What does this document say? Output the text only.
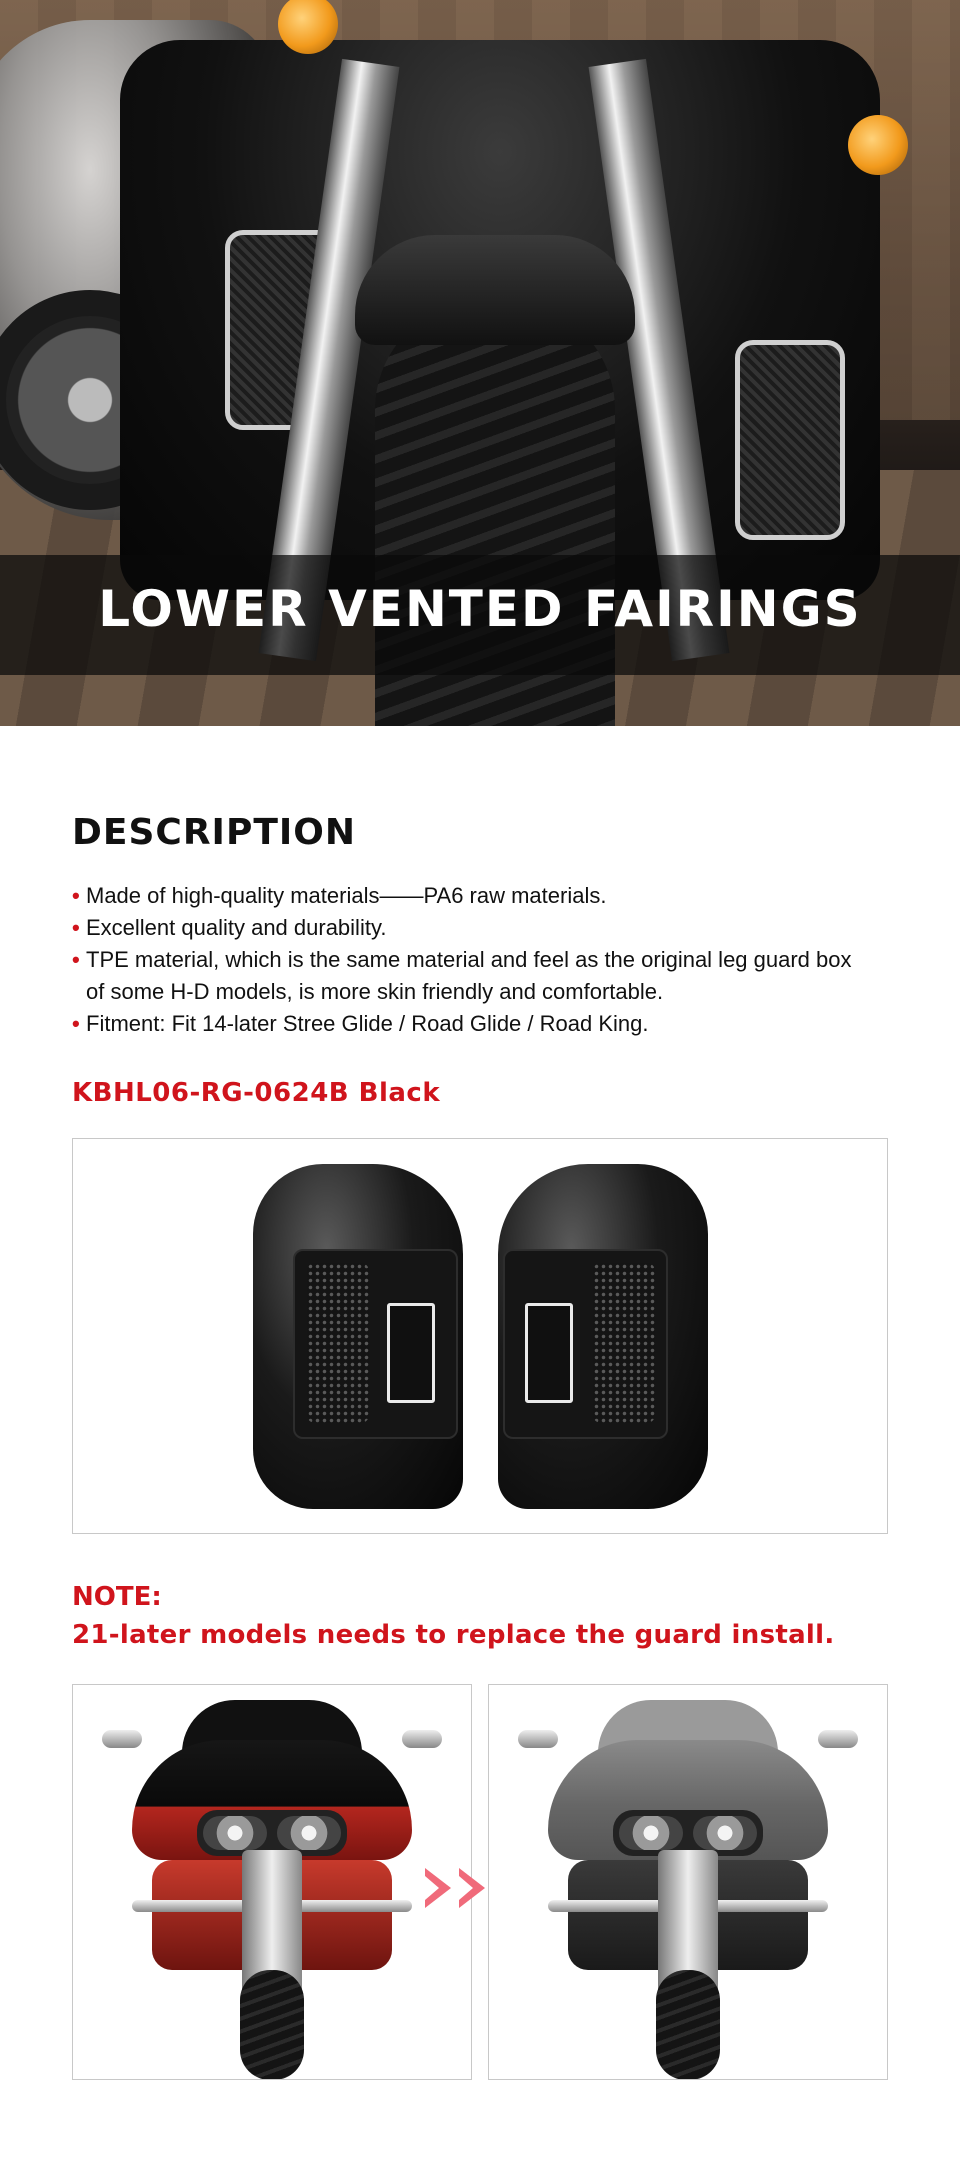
LOWER VENTED FAIRINGS
DESCRIPTION
• Made of high-quality materials——PA6 raw materials.
• Excellent quality and durability.
• TPE material, which is the same material and feel as the original leg guard box
of some H-D models, is more skin friendly and comfortable.
• Fitment: Fit 14-later Stree Glide / Road Glide / Road King.
KBHL06-RG-0624B Black
NOTE:
21-later models needs to replace the guard install.
